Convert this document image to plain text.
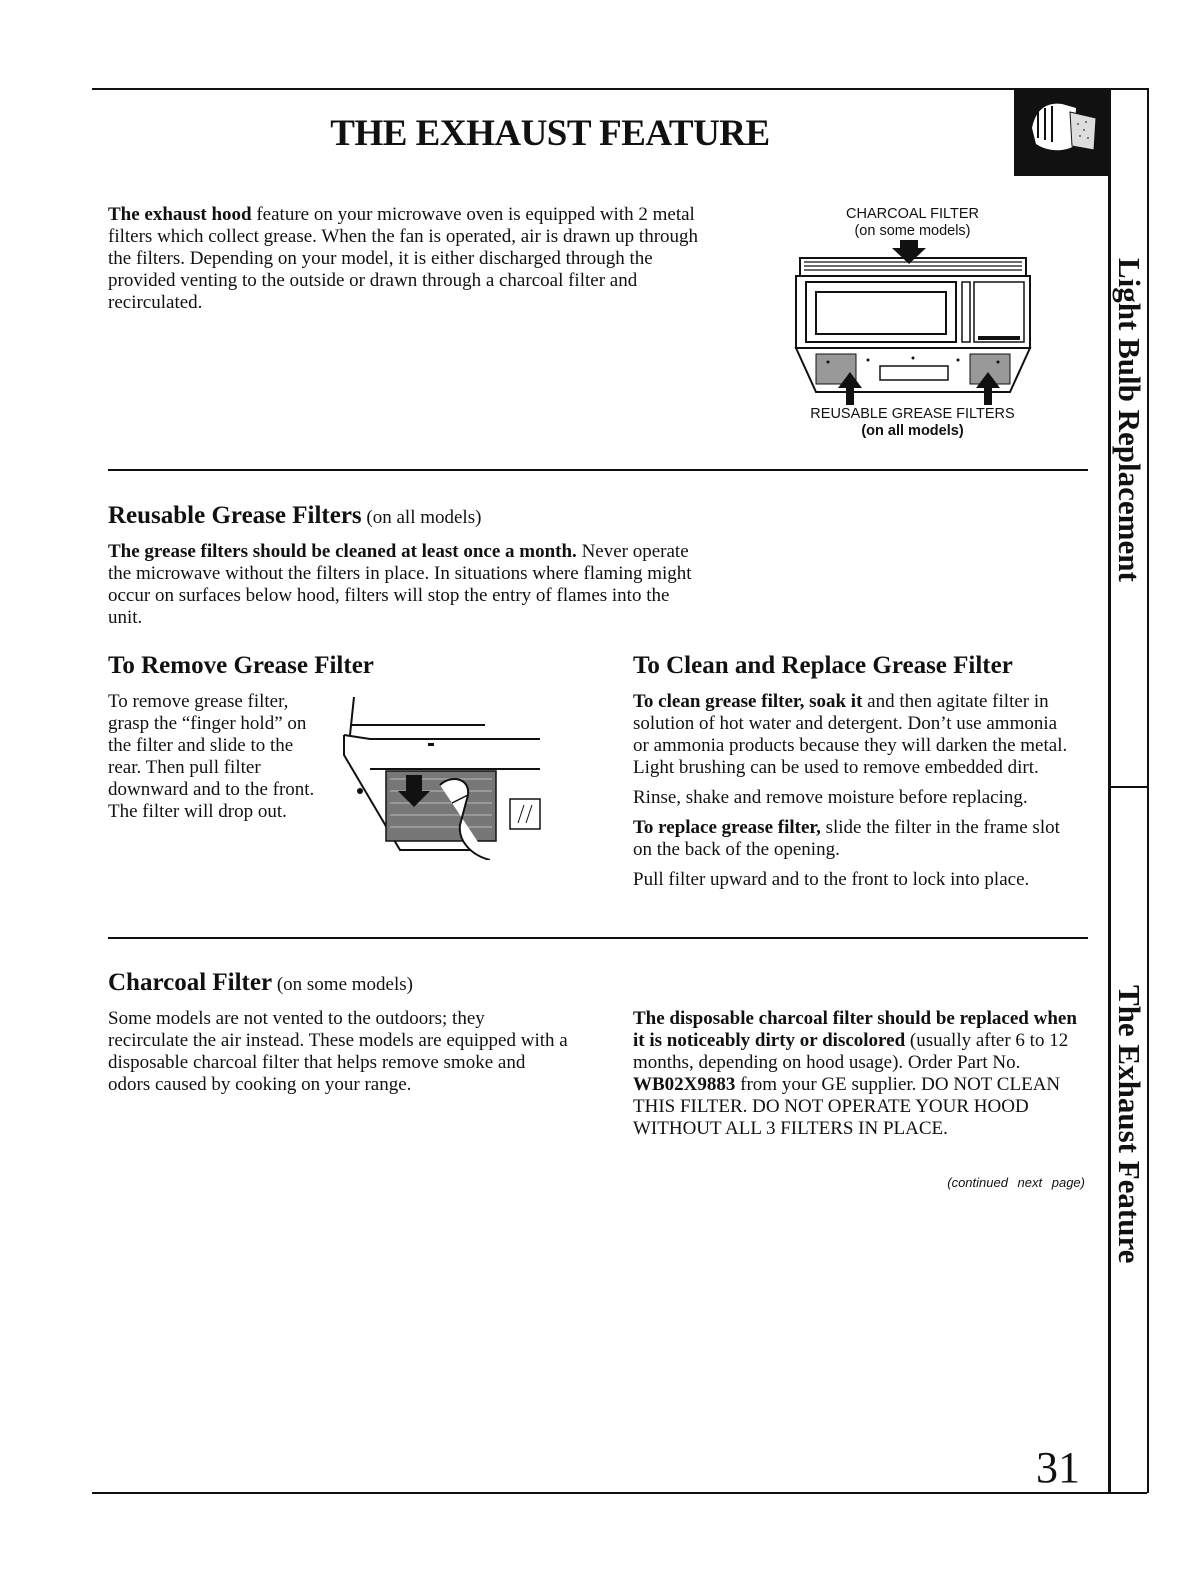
Light Bulb Replacement
The Exhaust Feature
THE EXHAUST FEATURE

The exhaust hood feature on your microwave oven is equipped with 2 metal filters which collect grease. When the fan is operated, air is drawn up through the filters. Depending on your model, it is either discharged through the provided venting to the outside or drawn through a charcoal filter and recirculated.

CHARCOAL FILTER
(on some models)
REUSABLE GREASE FILTERS
(on all models)
Reusable Grease Filters (on all models)

The grease filters should be cleaned at least once a month. Never operate the microwave without the filters in place. In situations where flaming might occur on surfaces below hood, filters will stop the entry of flames into the unit.

To Remove Grease Filter

To remove grease filter, grasp the “finger hold” on the filter and slide to the rear. Then pull filter downward and to the front. The filter will drop out.

To Clean and Replace Grease Filter

To clean grease filter, soak it and then agitate filter in solution of hot water and detergent. Don’t use ammonia or ammonia products because they will darken the metal. Light brushing can be used to remove embedded dirt.

Rinse, shake and remove moisture before replacing.

To replace grease filter, slide the filter in the frame slot on the back of the opening.

Pull filter upward and to the front to lock into place.

Charcoal Filter (on some models)

Some models are not vented to the outdoors; they recirculate the air instead. These models are equipped with a disposable charcoal filter that helps remove smoke and odors caused by cooking on your range.

The disposable charcoal filter should be replaced when it is noticeably dirty or discolored (usually after 6 to 12 months, depending on hood usage). Order Part No. WB02X9883 from your GE supplier. DO NOT CLEAN THIS FILTER. DO NOT OPERATE YOUR HOOD WITHOUT ALL 3 FILTERS IN PLACE.

(continued next page)
31
